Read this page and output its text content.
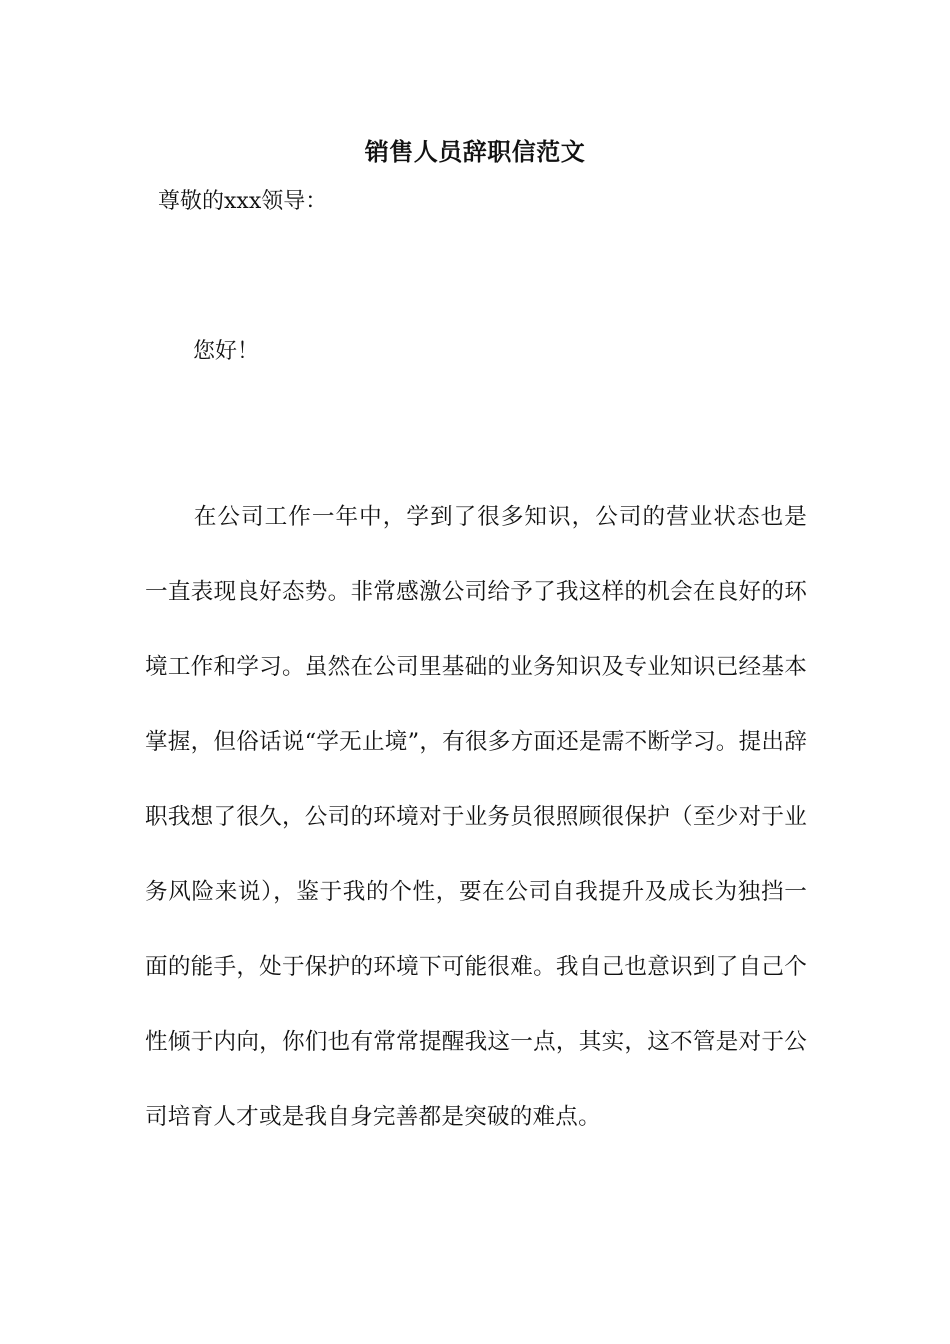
销售人员辞职信范文
尊敬的xxx领导：
您好！

在公司工作一年中，学到了很多知识，公司的营业状态也是一直表现良好态势。非常感激公司给予了我这样的机会在良好的环境工作和学习。虽然在公司里基础的业务知识及专业知识已经基本掌握，但俗话说“学无止境”，有很多方面还是需不断学习。提出辞职我想了很久，公司的环境对于业务员很照顾很保护（至少对于业务风险来说），鉴于我的个性，要在公司自我提升及成长为独挡一面的能手，处于保护的环境下可能很难。我自己也意识到了自己个性倾于内向，你们也有常常提醒我这一点，其实，这不管是对于公司培育人才或是我自身完善都是突破的难点。
